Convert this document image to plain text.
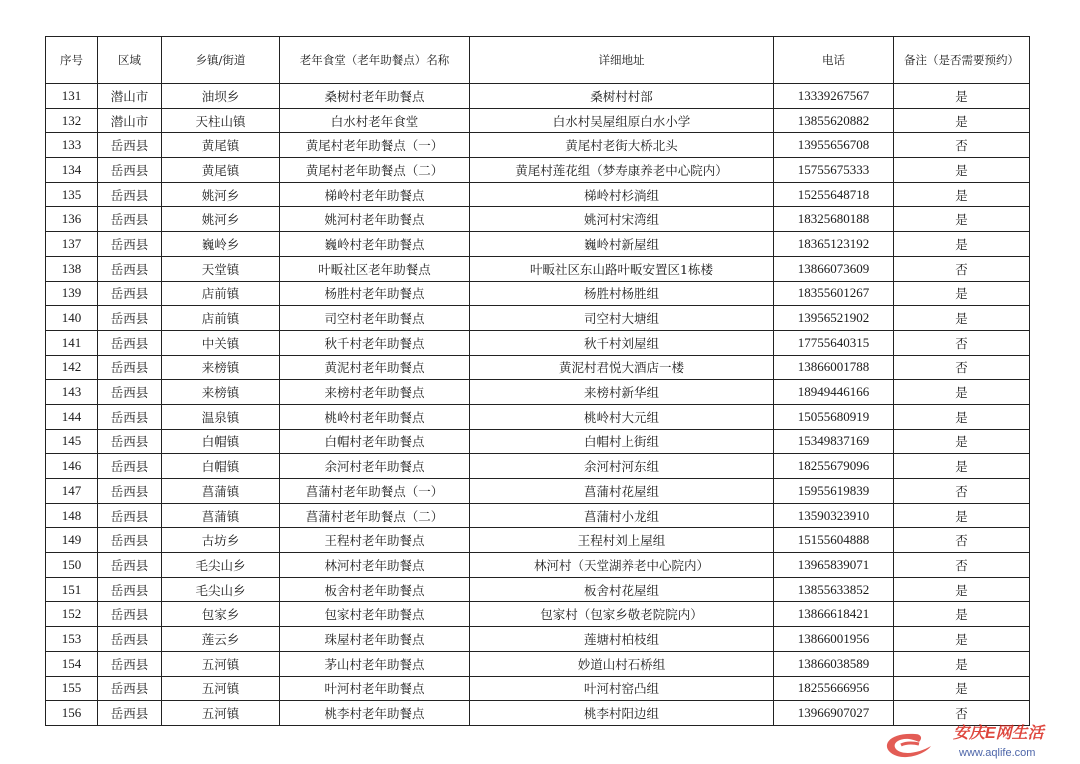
序号	区域	乡镇/街道	老年食堂（老年助餐点）名称	详细地址	电话	备注（是否需要预约）
131	潜山市	油坝乡	桑树村老年助餐点	桑树村村部	13339267567	是
132	潜山市	天柱山镇	白水村老年食堂	白水村吴屋组原白水小学	13855620882	是
133	岳西县	黄尾镇	黄尾村老年助餐点（一）	黄尾村老街大桥北头	13955656708	否
134	岳西县	黄尾镇	黄尾村老年助餐点（二）	黄尾村莲花组（梦寿康养老中心院内）	15755675333	是
135	岳西县	姚河乡	梯岭村老年助餐点	梯岭村杉淌组	15255648718	是
136	岳西县	姚河乡	姚河村老年助餐点	姚河村宋湾组	18325680188	是
137	岳西县	巍岭乡	巍岭村老年助餐点	巍岭村新屋组	18365123192	是
138	岳西县	天堂镇	叶畈社区老年助餐点	叶畈社区东山路叶畈安置区1栋楼	13866073609	否
139	岳西县	店前镇	杨胜村老年助餐点	杨胜村杨胜组	18355601267	是
140	岳西县	店前镇	司空村老年助餐点	司空村大塘组	13956521902	是
141	岳西县	中关镇	秋千村老年助餐点	秋千村刘屋组	17755640315	否
142	岳西县	来榜镇	黄泥村老年助餐点	黄泥村君悦大酒店一楼	13866001788	否
143	岳西县	来榜镇	来榜村老年助餐点	来榜村新华组	18949446166	是
144	岳西县	温泉镇	桃岭村老年助餐点	桃岭村大元组	15055680919	是
145	岳西县	白帽镇	白帽村老年助餐点	白帽村上街组	15349837169	是
146	岳西县	白帽镇	余河村老年助餐点	余河村河东组	18255679096	是
147	岳西县	菖蒲镇	菖蒲村老年助餐点（一）	菖蒲村花屋组	15955619839	否
148	岳西县	菖蒲镇	菖蒲村老年助餐点（二）	菖蒲村小龙组	13590323910	是
149	岳西县	古坊乡	王程村老年助餐点	王程村刘上屋组	15155604888	否
150	岳西县	毛尖山乡	林河村老年助餐点	林河村（天堂湖养老中心院内）	13965839071	否
151	岳西县	毛尖山乡	板舍村老年助餐点	板舍村花屋组	13855633852	是
152	岳西县	包家乡	包家村老年助餐点	包家村（包家乡敬老院院内）	13866618421	是
153	岳西县	莲云乡	珠屋村老年助餐点	莲塘村柏枝组	13866001956	是
154	岳西县	五河镇	茅山村老年助餐点	妙道山村石桥组	13866038589	是
155	岳西县	五河镇	叶河村老年助餐点	叶河村窑凸组	18255666956	是
156	岳西县	五河镇	桃李村老年助餐点	桃李村阳边组	13966907027	否
安庆E网生活
www.aqlife.com
